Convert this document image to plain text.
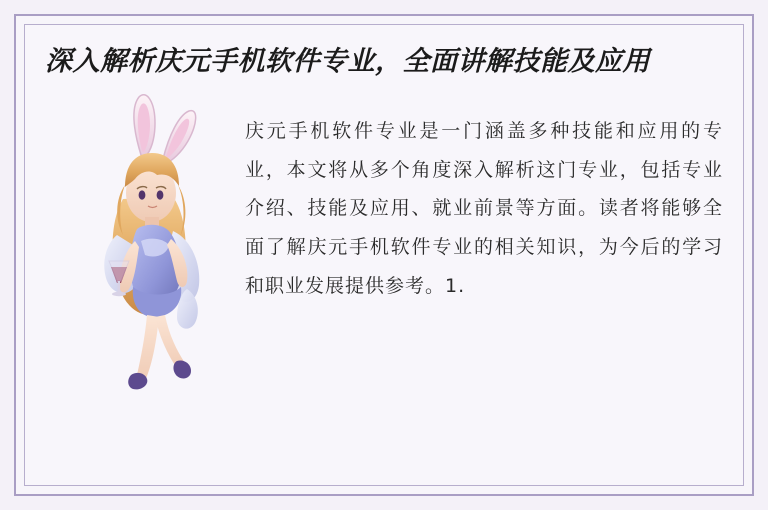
深入解析庆元手机软件专业，全面讲解技能及应用

庆元手机软件专业是一门涵盖多种技能和应用的专业，本文将从多个角度深入解析这门专业，包括专业介绍、技能及应用、就业前景等方面。读者将能够全面了解庆元手机软件专业的相关知识，为今后的学习和职业发展提供参考。1.
